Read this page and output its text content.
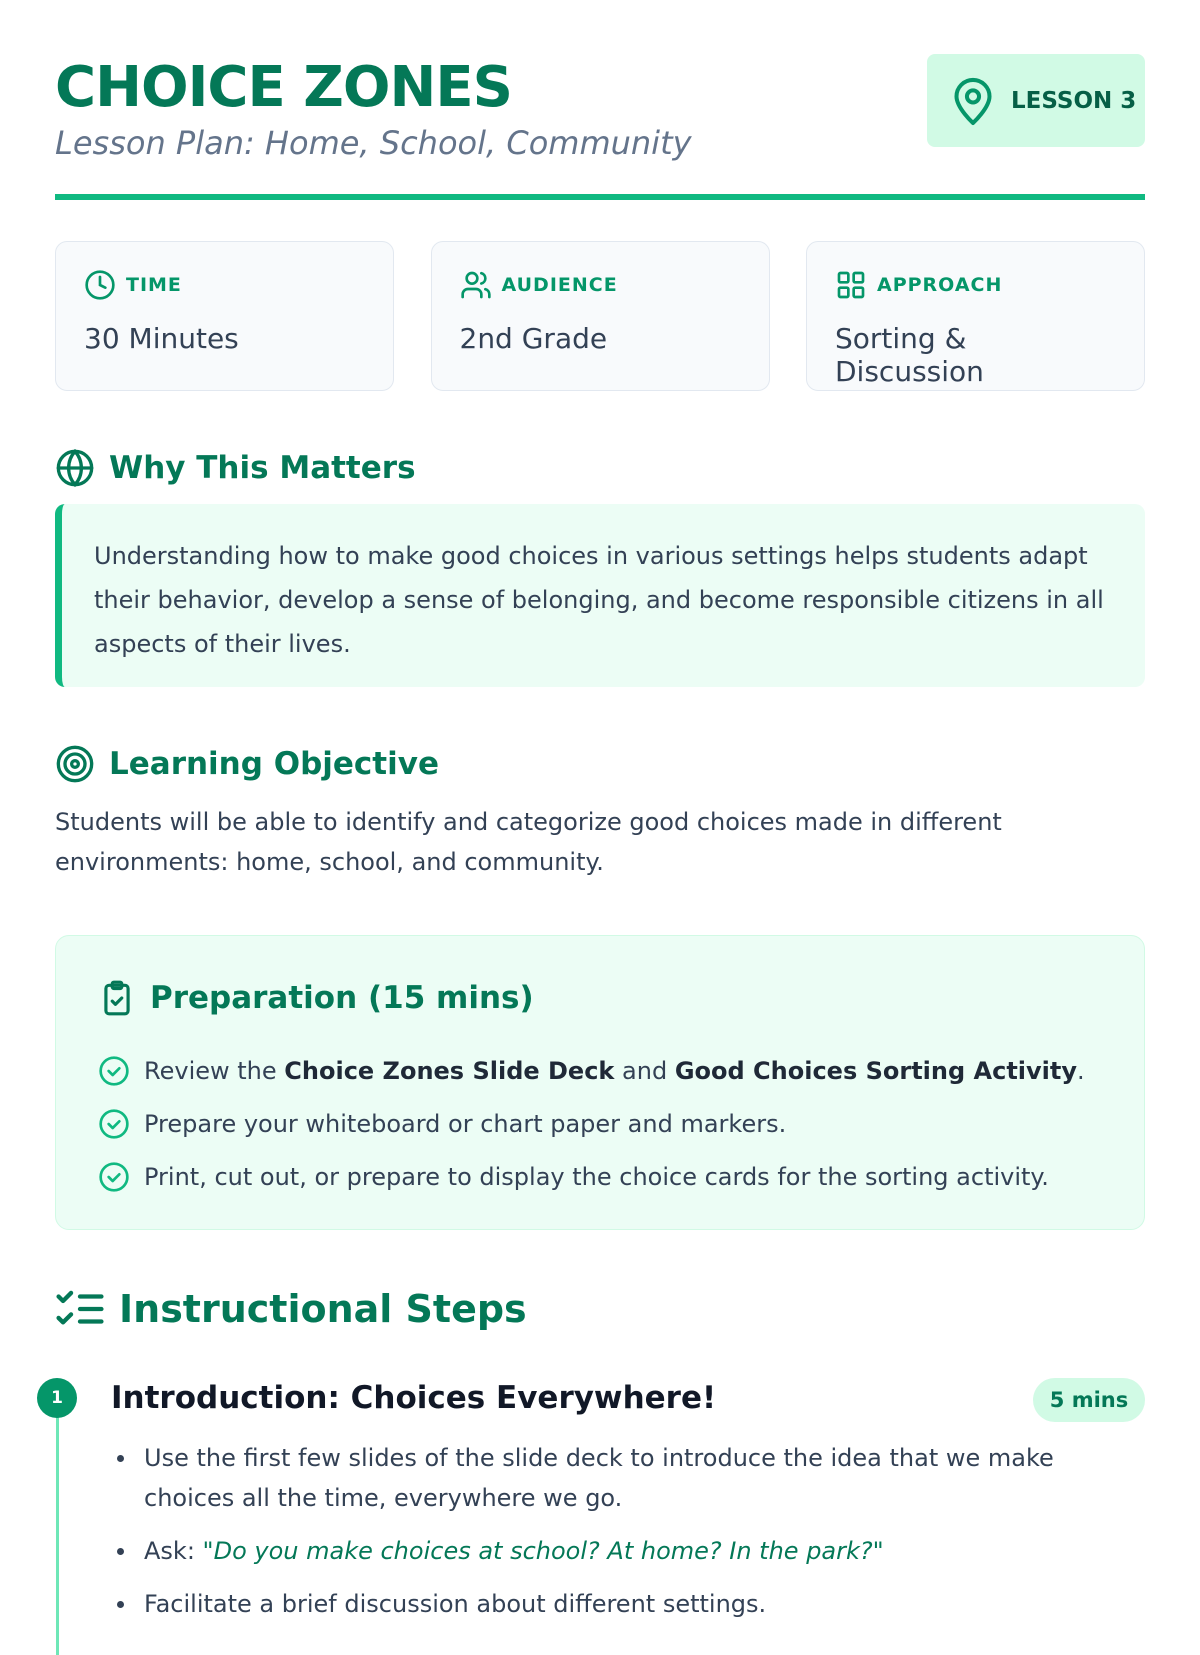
CHOICE ZONES
Lesson Plan: Home, School, Community
LESSON 3
TIME
30 Minutes
AUDIENCE
2nd Grade
APPROACH
Sorting & Discussion
Why This Matters
Understanding how to make good choices in various settings helps students adapt their behavior, develop a sense of belonging, and become responsible citizens in all aspects of their lives.
Learning Objective
Students will be able to identify and categorize good choices made in different environments: home, school, and community.
Preparation (15 mins)
Review the Choice Zones Slide Deck and Good Choices Sorting Activity.
Prepare your whiteboard or chart paper and markers.
Print, cut out, or prepare to display the choice cards for the sorting activity.
Instructional Steps
1	Introduction: Choices Everywhere!	5 mins
Use the first few slides of the slide deck to introduce the idea that we make choices all the time, everywhere we go.
Ask: "Do you make choices at school? At home? In the park?"
Facilitate a brief discussion about different settings.
